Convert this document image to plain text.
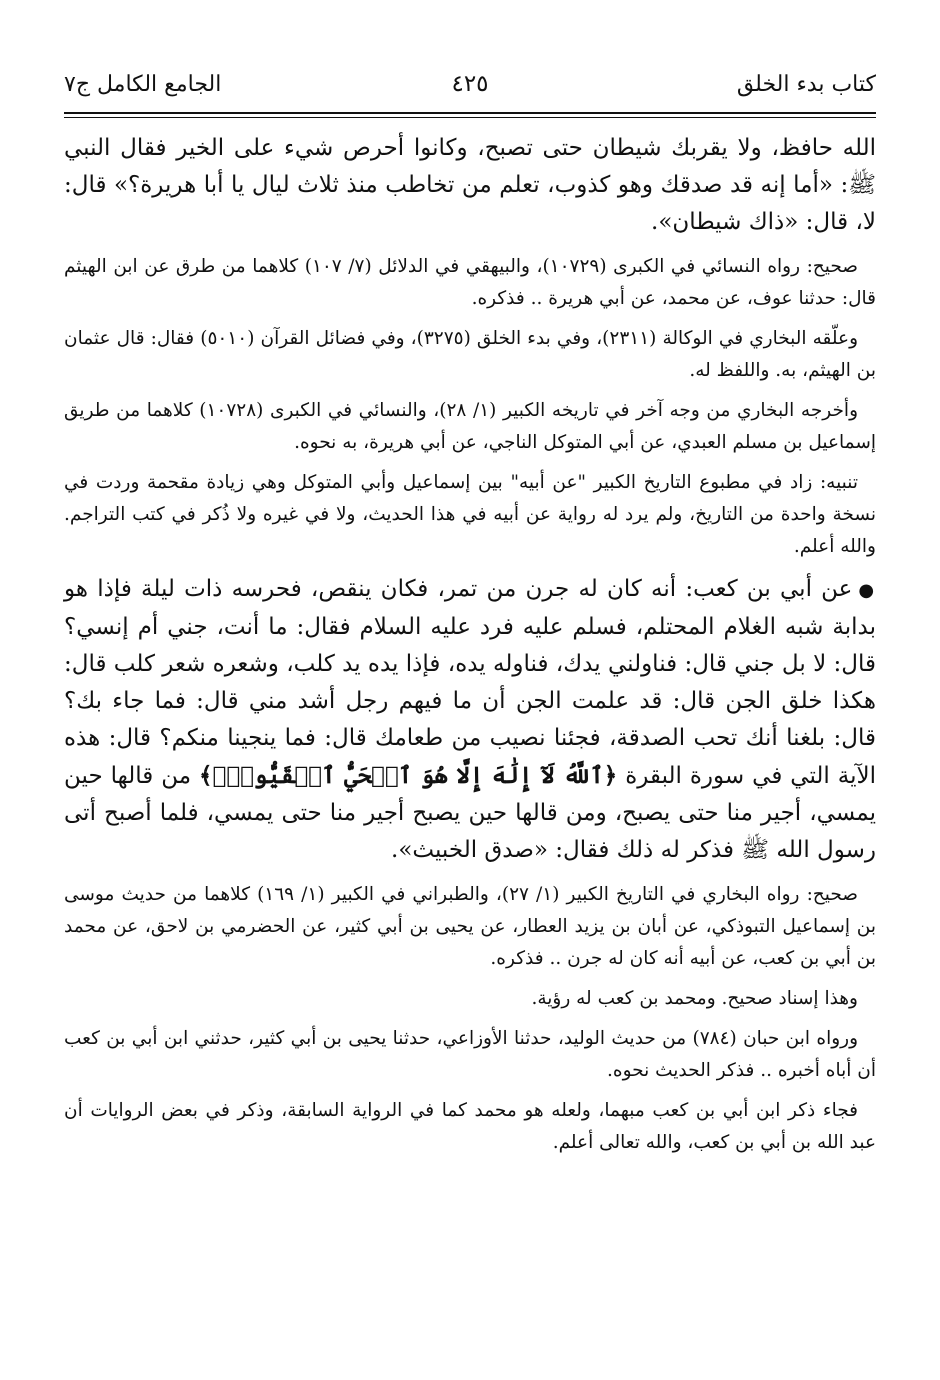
كتاب بدء الخلق
٤٢٥
الجامع الكامل ج٧

الله حافظ، ولا يقربك شيطان حتى تصبح، وكانوا أحرص شيء على الخير فقال النبي ﷺ: «أما إنه قد صدقك وهو كذوب، تعلم من تخاطب منذ ثلاث ليال يا أبا هريرة؟» قال: لا، قال: «ذاك شيطان».

صحيح: رواه النسائي في الكبرى (١٠٧٢٩)، والبيهقي في الدلائل (٧/ ١٠٧) كلاهما من طرق عن ابن الهيثم قال: حدثنا عوف، عن محمد، عن أبي هريرة .. فذكره.

وعلّقه البخاري في الوكالة (٢٣١١)، وفي بدء الخلق (٣٢٧٥)، وفي فضائل القرآن (٥٠١٠) فقال: قال عثمان بن الهيثم، به. واللفظ له.

وأخرجه البخاري من وجه آخر في تاريخه الكبير (١/ ٢٨)، والنسائي في الكبرى (١٠٧٢٨) كلاهما من طريق إسماعيل بن مسلم العبدي، عن أبي المتوكل الناجي، عن أبي هريرة، به نحوه.

تنبيه: زاد في مطبوع التاريخ الكبير "عن أبيه" بين إسماعيل وأبي المتوكل وهي زيادة مقحمة وردت في نسخة واحدة من التاريخ، ولم يرد له رواية عن أبيه في هذا الحديث، ولا في غيره ولا ذُكر في كتب التراجم. والله أعلم.

●عن أبي بن كعب: أنه كان له جرن من تمر، فكان ينقص، فحرسه ذات ليلة فإذا هو بدابة شبه الغلام المحتلم، فسلم عليه فرد عليه السلام فقال: ما أنت، جني أم إنسي؟ قال: لا بل جني قال: فناولني يدك، فناوله يده، فإذا يده يد كلب، وشعره شعر كلب قال: هكذا خلق الجن قال: قد علمت الجن أن ما فيهم رجل أشد مني قال: فما جاء بك؟ قال: بلغنا أنك تحب الصدقة، فجئنا نصيب من طعامك قال: فما ينجينا منكم؟ قال: هذه الآية التي في سورة البقرة ﴿ٱللَّهُ لَآ إِلَٰهَ إِلَّا هُوَ ٱلۡحَيُّ ٱلۡقَيُّومُۚ﴾ من قالها حين يمسي، أجير منا حتى يصبح، ومن قالها حين يصبح أجير منا حتى يمسي، فلما أصبح أتى رسول الله ﷺ فذكر له ذلك فقال: «صدق الخبيث».

صحيح: رواه البخاري في التاريخ الكبير (١/ ٢٧)، والطبراني في الكبير (١/ ١٦٩) كلاهما من حديث موسى بن إسماعيل التبوذكي، عن أبان بن يزيد العطار، عن يحيى بن أبي كثير، عن الحضرمي بن لاحق، عن محمد بن أبي بن كعب، عن أبيه أنه كان له جرن .. فذكره.

وهذا إسناد صحيح. ومحمد بن كعب له رؤية.

ورواه ابن حبان (٧٨٤) من حديث الوليد، حدثنا الأوزاعي، حدثنا يحيى بن أبي كثير، حدثني ابن أبي بن كعب أن أباه أخبره .. فذكر الحديث نحوه.

فجاء ذكر ابن أبي بن كعب مبهما، ولعله هو محمد كما في الرواية السابقة، وذكر في بعض الروايات أن عبد الله بن أبي بن كعب، والله تعالى أعلم.
